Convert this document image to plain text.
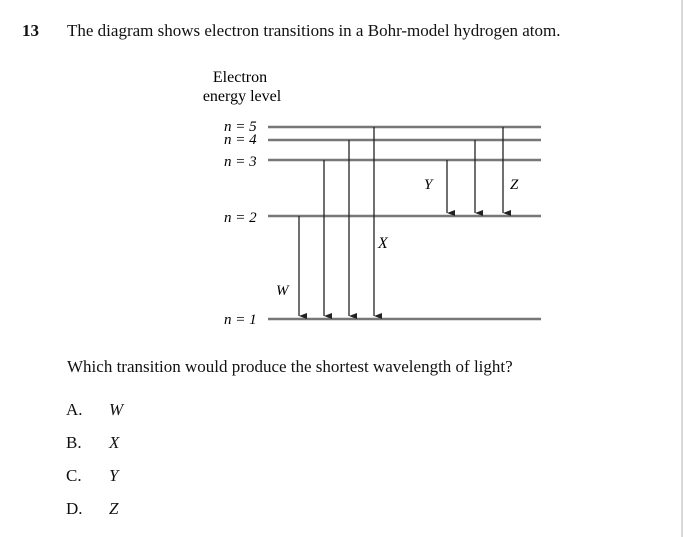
13 The diagram shows electron transitions in a Bohr-model hydrogen atom.
Electron
energy level
n = 5
n = 4
n = 3
n = 2
n = 1
W
X
Y	Z
Which transition would produce the shortest wavelength of light?
A. W
B. X
C. Y
D. Z
